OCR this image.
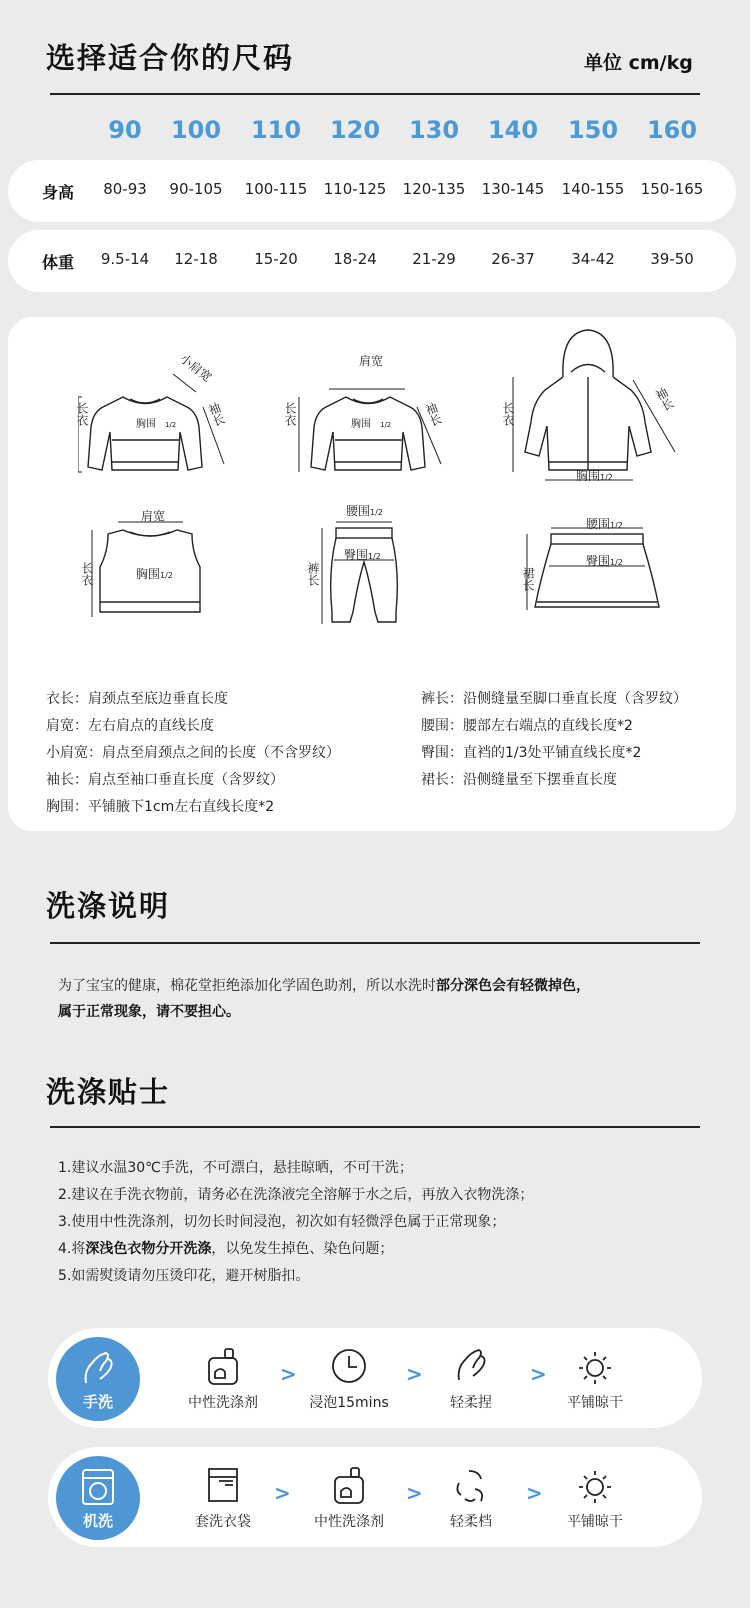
选择适合你的尺码	单位 cm/kg
90	100	110	120	130	140	150	160
身高	80-93	90-105	100-115	110-125	120-135	130-145	140-155	150-165
体重	9.5-14	12-18	15-20	18-24	21-29	26-37	34-42	39-50
胸围 1/2
长衣
小肩宽
袖长	胸围 1/2
肩宽
长衣	袖长	长衣
袖长
胸围1/2
肩宽
长衣	胸围1/2
腰围1/2
臀围1/2
裤长
腰围1/2
臀围1/2
裙长
衣长：肩颈点至底边垂直长度
肩宽：左右肩点的直线长度
小肩宽：肩点至肩颈点之间的长度（不含罗纹）
袖长：肩点至袖口垂直长度（含罗纹）
胸围：平铺腋下1cm左右直线长度*2
裤长：沿侧缝量至脚口垂直长度（含罗纹）
腰围：腰部左右端点的直线长度*2
臀围：直裆的1/3处平铺直线长度*2
裙长：沿侧缝量至下摆垂直长度
洗涤说明
为了宝宝的健康，棉花堂拒绝添加化学固色助剂，所以水洗时部分深色会有轻微掉色，
属于正常现象，请不要担心。
洗涤贴士
1.建议水温30℃手洗，不可漂白，悬挂晾晒，不可干洗；
2.建议在手洗衣物前，请务必在洗涤液完全溶解于水之后，再放入衣物洗涤；
3.使用中性洗涤剂，切勿长时间浸泡，初次如有轻微浮色属于正常现象；
4.将深浅色衣物分开洗涤，以免发生掉色、染色问题；
5.如需熨烫请勿压烫印花，避开树脂扣。
手洗	中性洗涤剂
>
浸泡15mins
>
轻柔捏
>
平铺晾干
机洗	套洗衣袋
>
中性洗涤剂
>
轻柔档
>
平铺晾干
